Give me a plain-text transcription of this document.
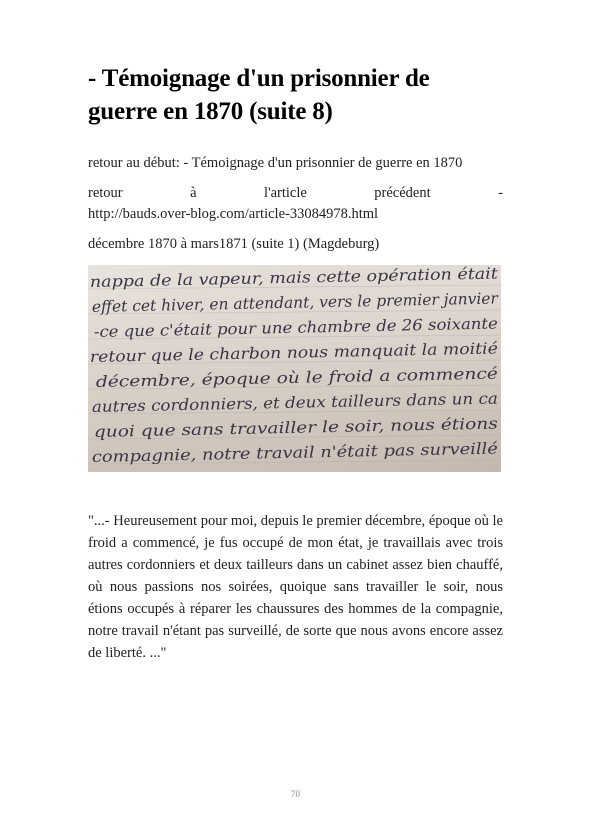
- Témoignage d'un prisonnier de guerre en 1870 (suite 8)

retour au début: - Témoignage d'un prisonnier de guerre en 1870

retour	à	l'article	précédent	-
http://bauds.over-blog.com/article-33084978.html

décembre 1870 à mars1871 (suite 1) (Magdeburg)

nappa de la vapeur, mais cette opération était
effet cet hiver, en attendant, vers le premier janvier
-ce que c'était pour une chambre de 26 soixante
retour que le charbon nous manquait la moitié
décembre, époque où le froid a commencé
autres cordonniers, et deux tailleurs dans un ca
quoi que sans travailler le soir, nous étions
compagnie, notre travail n'était pas surveillé

"...- Heureusement pour moi, depuis le premier décembre, époque où le froid a commencé, je fus occupé de mon état, je travaillais avec trois autres cordonniers et deux tailleurs dans un cabinet assez bien chauffé, où nous passions nos soirées, quoique sans travailler le soir, nous étions occupés à réparer les chaussures des hommes de la compagnie, notre travail n'étant pas surveillé, de sorte que nous avons encore assez de liberté. ..."

70
